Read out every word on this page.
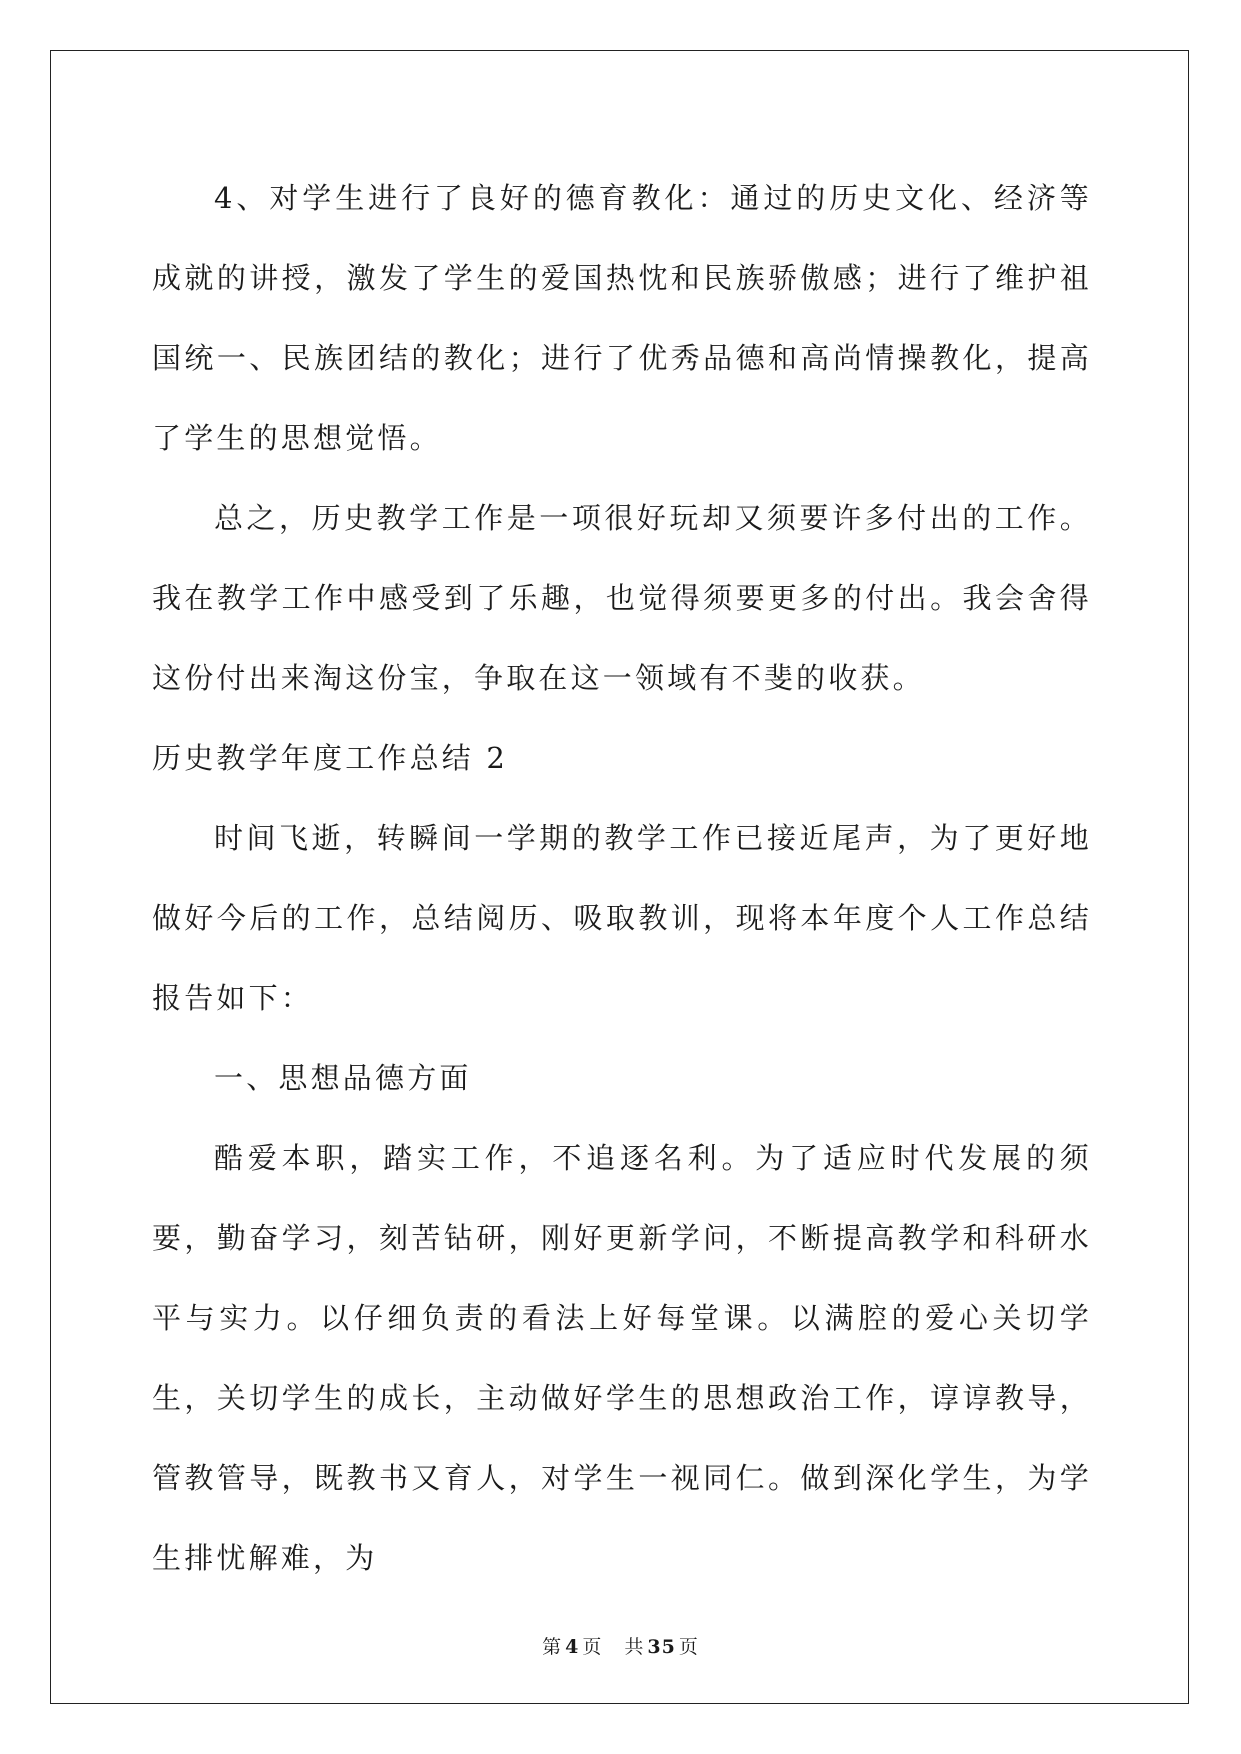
4、对学生进行了良好的德育教化：通过的历史文化、经济等成就的讲授，激发了学生的爱国热忱和民族骄傲感；进行了维护祖国统一、民族团结的教化；进行了优秀品德和高尚情操教化，提高了学生的思想觉悟。

总之，历史教学工作是一项很好玩却又须要许多付出的工作。我在教学工作中感受到了乐趣，也觉得须要更多的付出。我会舍得这份付出来淘这份宝，争取在这一领域有不斐的收获。

历史教学年度工作总结 2

时间飞逝，转瞬间一学期的教学工作已接近尾声，为了更好地做好今后的工作，总结阅历、吸取教训，现将本年度个人工作总结报告如下：

一、思想品德方面

酷爱本职，踏实工作，不追逐名利。为了适应时代发展的须要，勤奋学习，刻苦钻研，刚好更新学问，不断提高教学和科研水平与实力。以仔细负责的看法上好每堂课。以满腔的爱心关切学生，关切学生的成长，主动做好学生的思想政治工作，谆谆教导，管教管导，既教书又育人，对学生一视同仁。做到深化学生，为学生排忧解难，为

第 4 页 共 35 页
